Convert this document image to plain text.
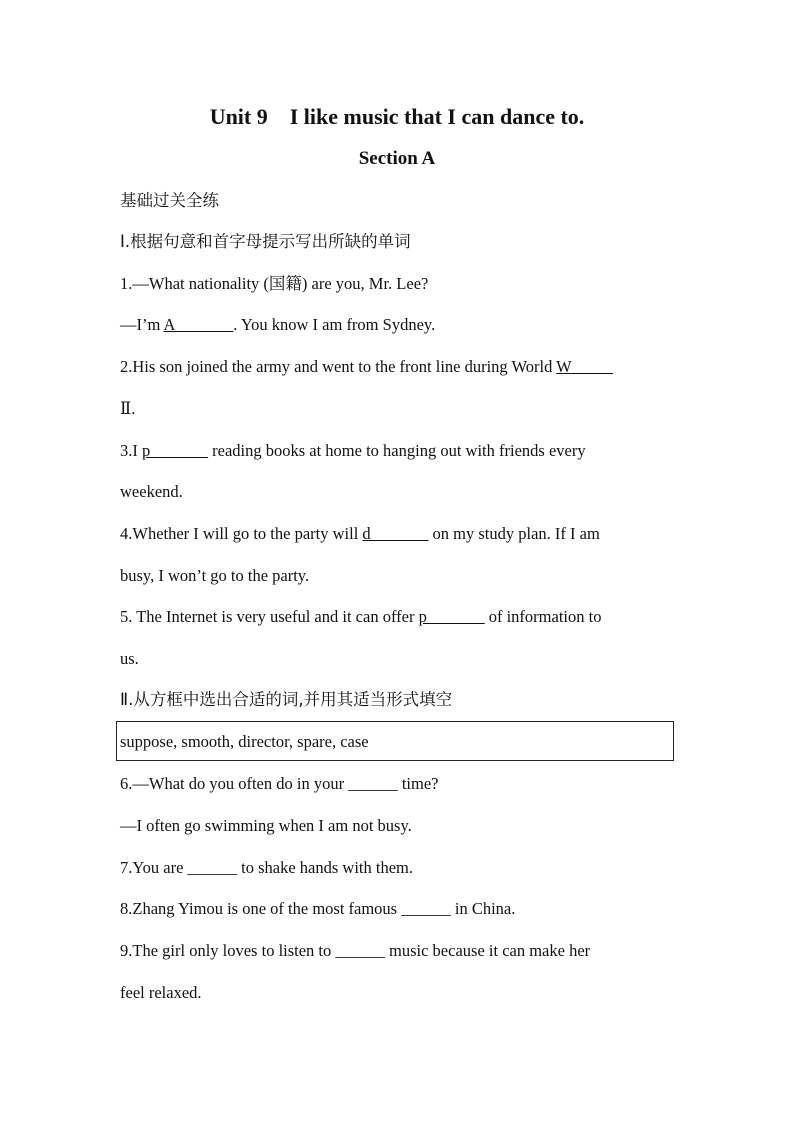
Unit 9    I like music that I can dance to.
Section A
基础过关全练
Ⅰ.根据句意和首字母提示写出所缺的单词
1.—What nationality (国籍) are you, Mr. Lee?
—I’m A_______. You know I am from Sydney.
2.His son joined the army and went to the front line during World W_____
Ⅱ.
3.I p_______ reading books at home to hanging out with friends every
weekend.
4.Whether I will go to the party will d_______ on my study plan. If I am
busy, I won’t go to the party.
5. The Internet is very useful and it can offer p_______ of information to
us.
Ⅱ.从方框中选出合适的词,并用其适当形式填空
suppose, smooth, director, spare, case
6.—What do you often do in your ______ time?
—I often go swimming when I am not busy.
7.You are ______ to shake hands with them.
8.Zhang Yimou is one of the most famous ______ in China.
9.The girl only loves to listen to ______ music because it can make her
feel relaxed.
